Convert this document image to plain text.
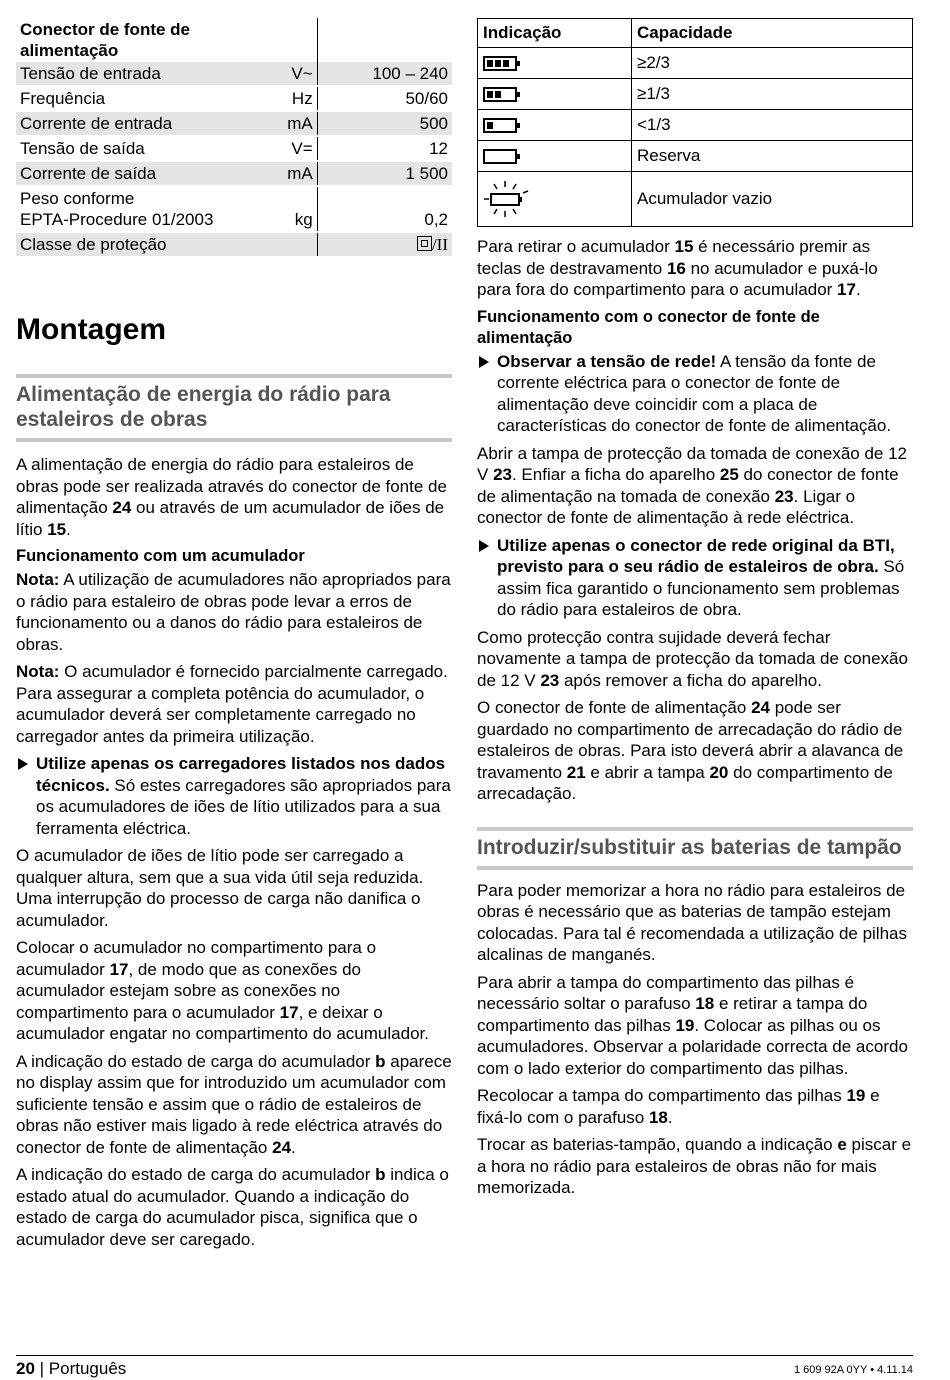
Conector de fonte de alimentação		
Tensão de entrada	V~	100 – 240
Frequência	Hz	50/60
Corrente de entrada	mA	500
Tensão de saída	V=	12
Corrente de saída	mA	1 500
Peso conforme
EPTA-Procedure 01/2003	kg	0,2
Classe de proteção		/II
Montagem
Alimentação de energia do rádio para estaleiros de obras

A alimentação de energia do rádio para estaleiros de obras pode ser realizada através do conector de fonte de alimentação 24 ou através de um acumulador de iões de lítio 15.

Funcionamento com um acumulador

Nota: A utilização de acumuladores não apropriados para o rádio para estaleiro de obras pode levar a erros de funcionamento ou a danos do rádio para estaleiros de obras.

Nota: O acumulador é fornecido parcialmente carregado. Para assegurar a completa potência do acumulador, o acumulador deverá ser completamente carregado no carregador antes da primeira utilização.

Utilize apenas os carregadores listados nos dados técnicos. Só estes carregadores são apropriados para os acumuladores de iões de lítio utilizados para a sua ferramenta eléctrica.

O acumulador de iões de lítio pode ser carregado a qualquer altura, sem que a sua vida útil seja reduzida. Uma interrupção do processo de carga não danifica o acumulador.

Colocar o acumulador no compartimento para o acumulador 17, de modo que as conexões do acumulador estejam sobre as conexões no compartimento para o acumulador 17, e deixar o acumulador engatar no compartimento do acumulador.

A indicação do estado de carga do acumulador b aparece no display assim que for introduzido um acumulador com suficiente tensão e assim que o rádio de estaleiros de obras não estiver mais ligado à rede eléctrica através do conector de fonte de alimentação 24.

A indicação do estado de carga do acumulador b indica o estado atual do acumulador. Quando a indicação do estado de carga do acumulador pisca, significa que o acumulador deve ser caregado.

Indicação	Capacidade

	≥2/3

	≥1/3

	<1/3
	Reserva
	Acumulador vazio

Para retirar o acumulador 15 é necessário premir as teclas de destravamento 16 no acumulador e puxá-lo para fora do compartimento para o acumulador 17.

Funcionamento com o conector de fonte de alimentação

Observar a tensão de rede! A tensão da fonte de corrente eléctrica para o conector de fonte de alimentação deve coincidir com a placa de características do conector de fonte de alimentação.

Abrir a tampa de protecção da tomada de conexão de 12 V 23. Enfiar a ficha do aparelho 25 do conector de fonte de alimentação na tomada de conexão 23. Ligar o conector de fonte de alimentação à rede eléctrica.

Utilize apenas o conector de rede original da BTI, previsto para o seu rádio de estaleiros de obra. Só assim fica garantido o funcionamento sem problemas do rádio para estaleiros de obra.

Como protecção contra sujidade deverá fechar novamente a tampa de protecção da tomada de conexão de 12 V 23 após remover a ficha do aparelho.

O conector de fonte de alimentação 24 pode ser guardado no compartimento de arrecadação do rádio de estaleiros de obras. Para isto deverá abrir a alavanca de travamento 21 e abrir a tampa 20 do compartimento de arrecadação.

Introduzir/substituir as baterias de tampão

Para poder memorizar a hora no rádio para estaleiros de obras é necessário que as baterias de tampão estejam colocadas. Para tal é recomendada a utilização de pilhas alcalinas de manganés.

Para abrir a tampa do compartimento das pilhas é necessário soltar o parafuso 18 e retirar a tampa do compartimento das pilhas 19. Colocar as pilhas ou os acumuladores. Observar a polaridade correcta de acordo com o lado exterior do compartimento das pilhas.

Recolocar a tampa do compartimento das pilhas 19 e fixá-lo com o parafuso 18.

Trocar as baterias-tampão, quando a indicação e piscar e a hora no rádio para estaleiros de obras não for mais memorizada.

20 | Português	1 609 92A 0YY • 4.11.14
